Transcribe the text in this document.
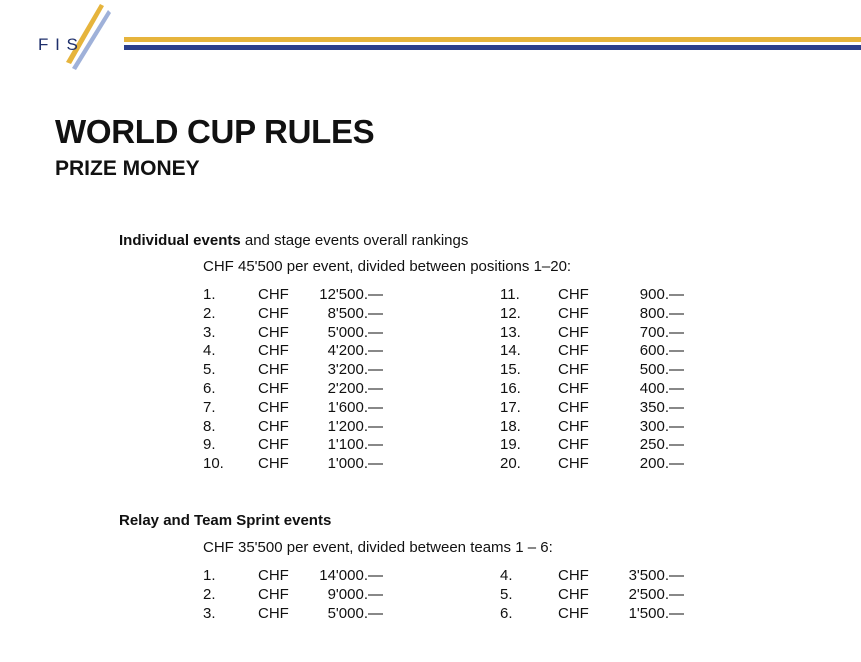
F I S
WORLD CUP RULES
PRIZE MONEY

Individual events and stage events overall rankings

CHF 45'500 per event, divided between positions 1–20:

1.	CHF 12'500.—
2.	CHF	8'500.—
3.	CHF	5'000.—
4.	CHF	4'200.—
5.	CHF	3'200.—
6.	CHF	2'200.—
7.	CHF	1'600.—
8.	CHF	1'200.—
9.	CHF	1'100.—
10. CHF	1'000.—
11.	CHF	900.—
12. CHF	800.—
13. CHF	700.—
14. CHF	600.—
15. CHF	500.—
16. CHF	400.—
17. CHF	350.—
18. CHF	300.—
19. CHF	250.—
20. CHF	200.—

Relay and Team Sprint events

CHF 35'500 per event, divided between teams 1 – 6:

1.	CHF 14'000.—
2.	CHF	9'000.—
3.	CHF	5'000.—
4.	CHF	3'500.—
5.	CHF	2'500.—
6.	CHF	1'500.—
